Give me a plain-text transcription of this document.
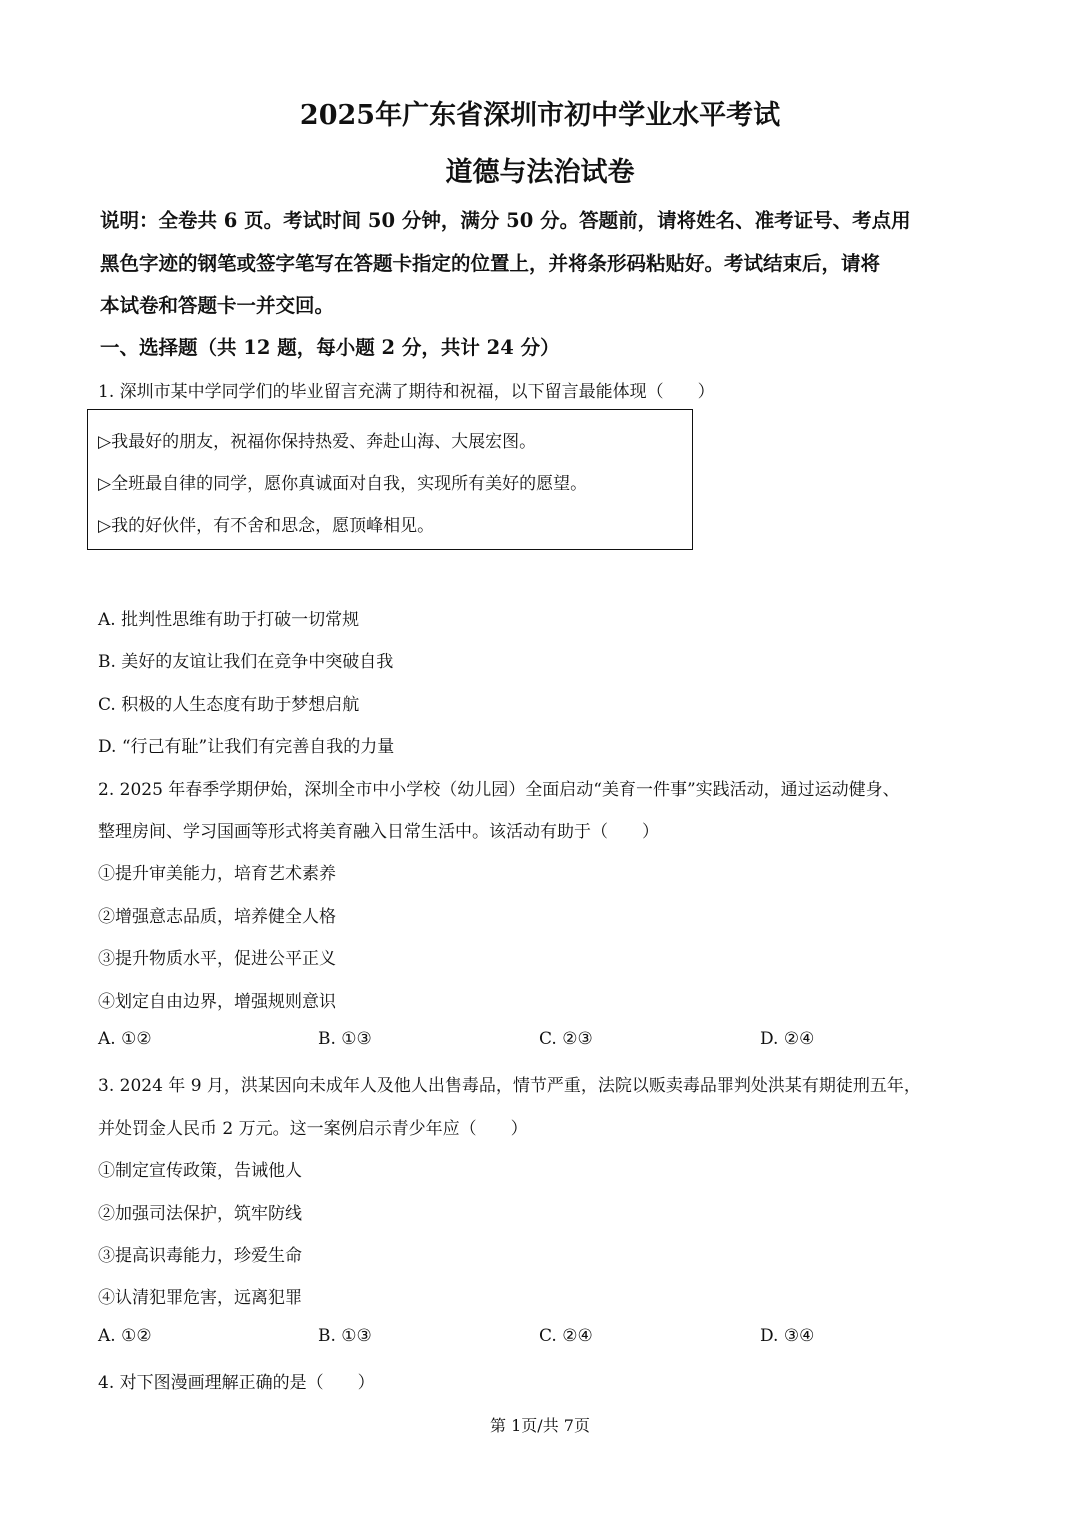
2025年广东省深圳市初中学业水平考试
道德与法治试卷
说明：全卷共 6 页。考试时间 50 分钟，满分 50 分。答题前，请将姓名、准考证号、考点用
黑色字迹的钢笔或签字笔写在答题卡指定的位置上，并将条形码粘贴好。考试结束后，请将
本试卷和答题卡一并交回。
一、选择题（共 12 题，每小题 2 分，共计 24 分）
1. 深圳市某中学同学们的毕业留言充满了期待和祝福，以下留言最能体现（　　）
▷我最好的朋友，祝福你保持热爱、奔赴山海、大展宏图。
▷全班最自律的同学，愿你真诚面对自我，实现所有美好的愿望。
▷我的好伙伴，有不舍和思念，愿顶峰相见。
A. 批判性思维有助于打破一切常规
B. 美好的友谊让我们在竞争中突破自我
C. 积极的人生态度有助于梦想启航
D. “行己有耻”让我们有完善自我的力量
2. 2025 年春季学期伊始，深圳全市中小学校（幼儿园）全面启动“美育一件事”实践活动，通过运动健身、
整理房间、学习国画等形式将美育融入日常生活中。该活动有助于（　　）
①提升审美能力，培育艺术素养
②增强意志品质，培养健全人格
③提升物质水平，促进公平正义
④划定自由边界，增强规则意识
A. ①②	B. ①③	C. ②③	D. ②④
3. 2024 年 9 月，洪某因向未成年人及他人出售毒品，情节严重，法院以贩卖毒品罪判处洪某有期徒刑五年，
并处罚金人民币 2 万元。这一案例启示青少年应（　　）
①制定宣传政策，告诫他人
②加强司法保护，筑牢防线
③提高识毒能力，珍爱生命
④认清犯罪危害，远离犯罪
A. ①②	B. ①③	C. ②④	D. ③④
4. 对下图漫画理解正确的是（　　）
第 1页/共 7页
